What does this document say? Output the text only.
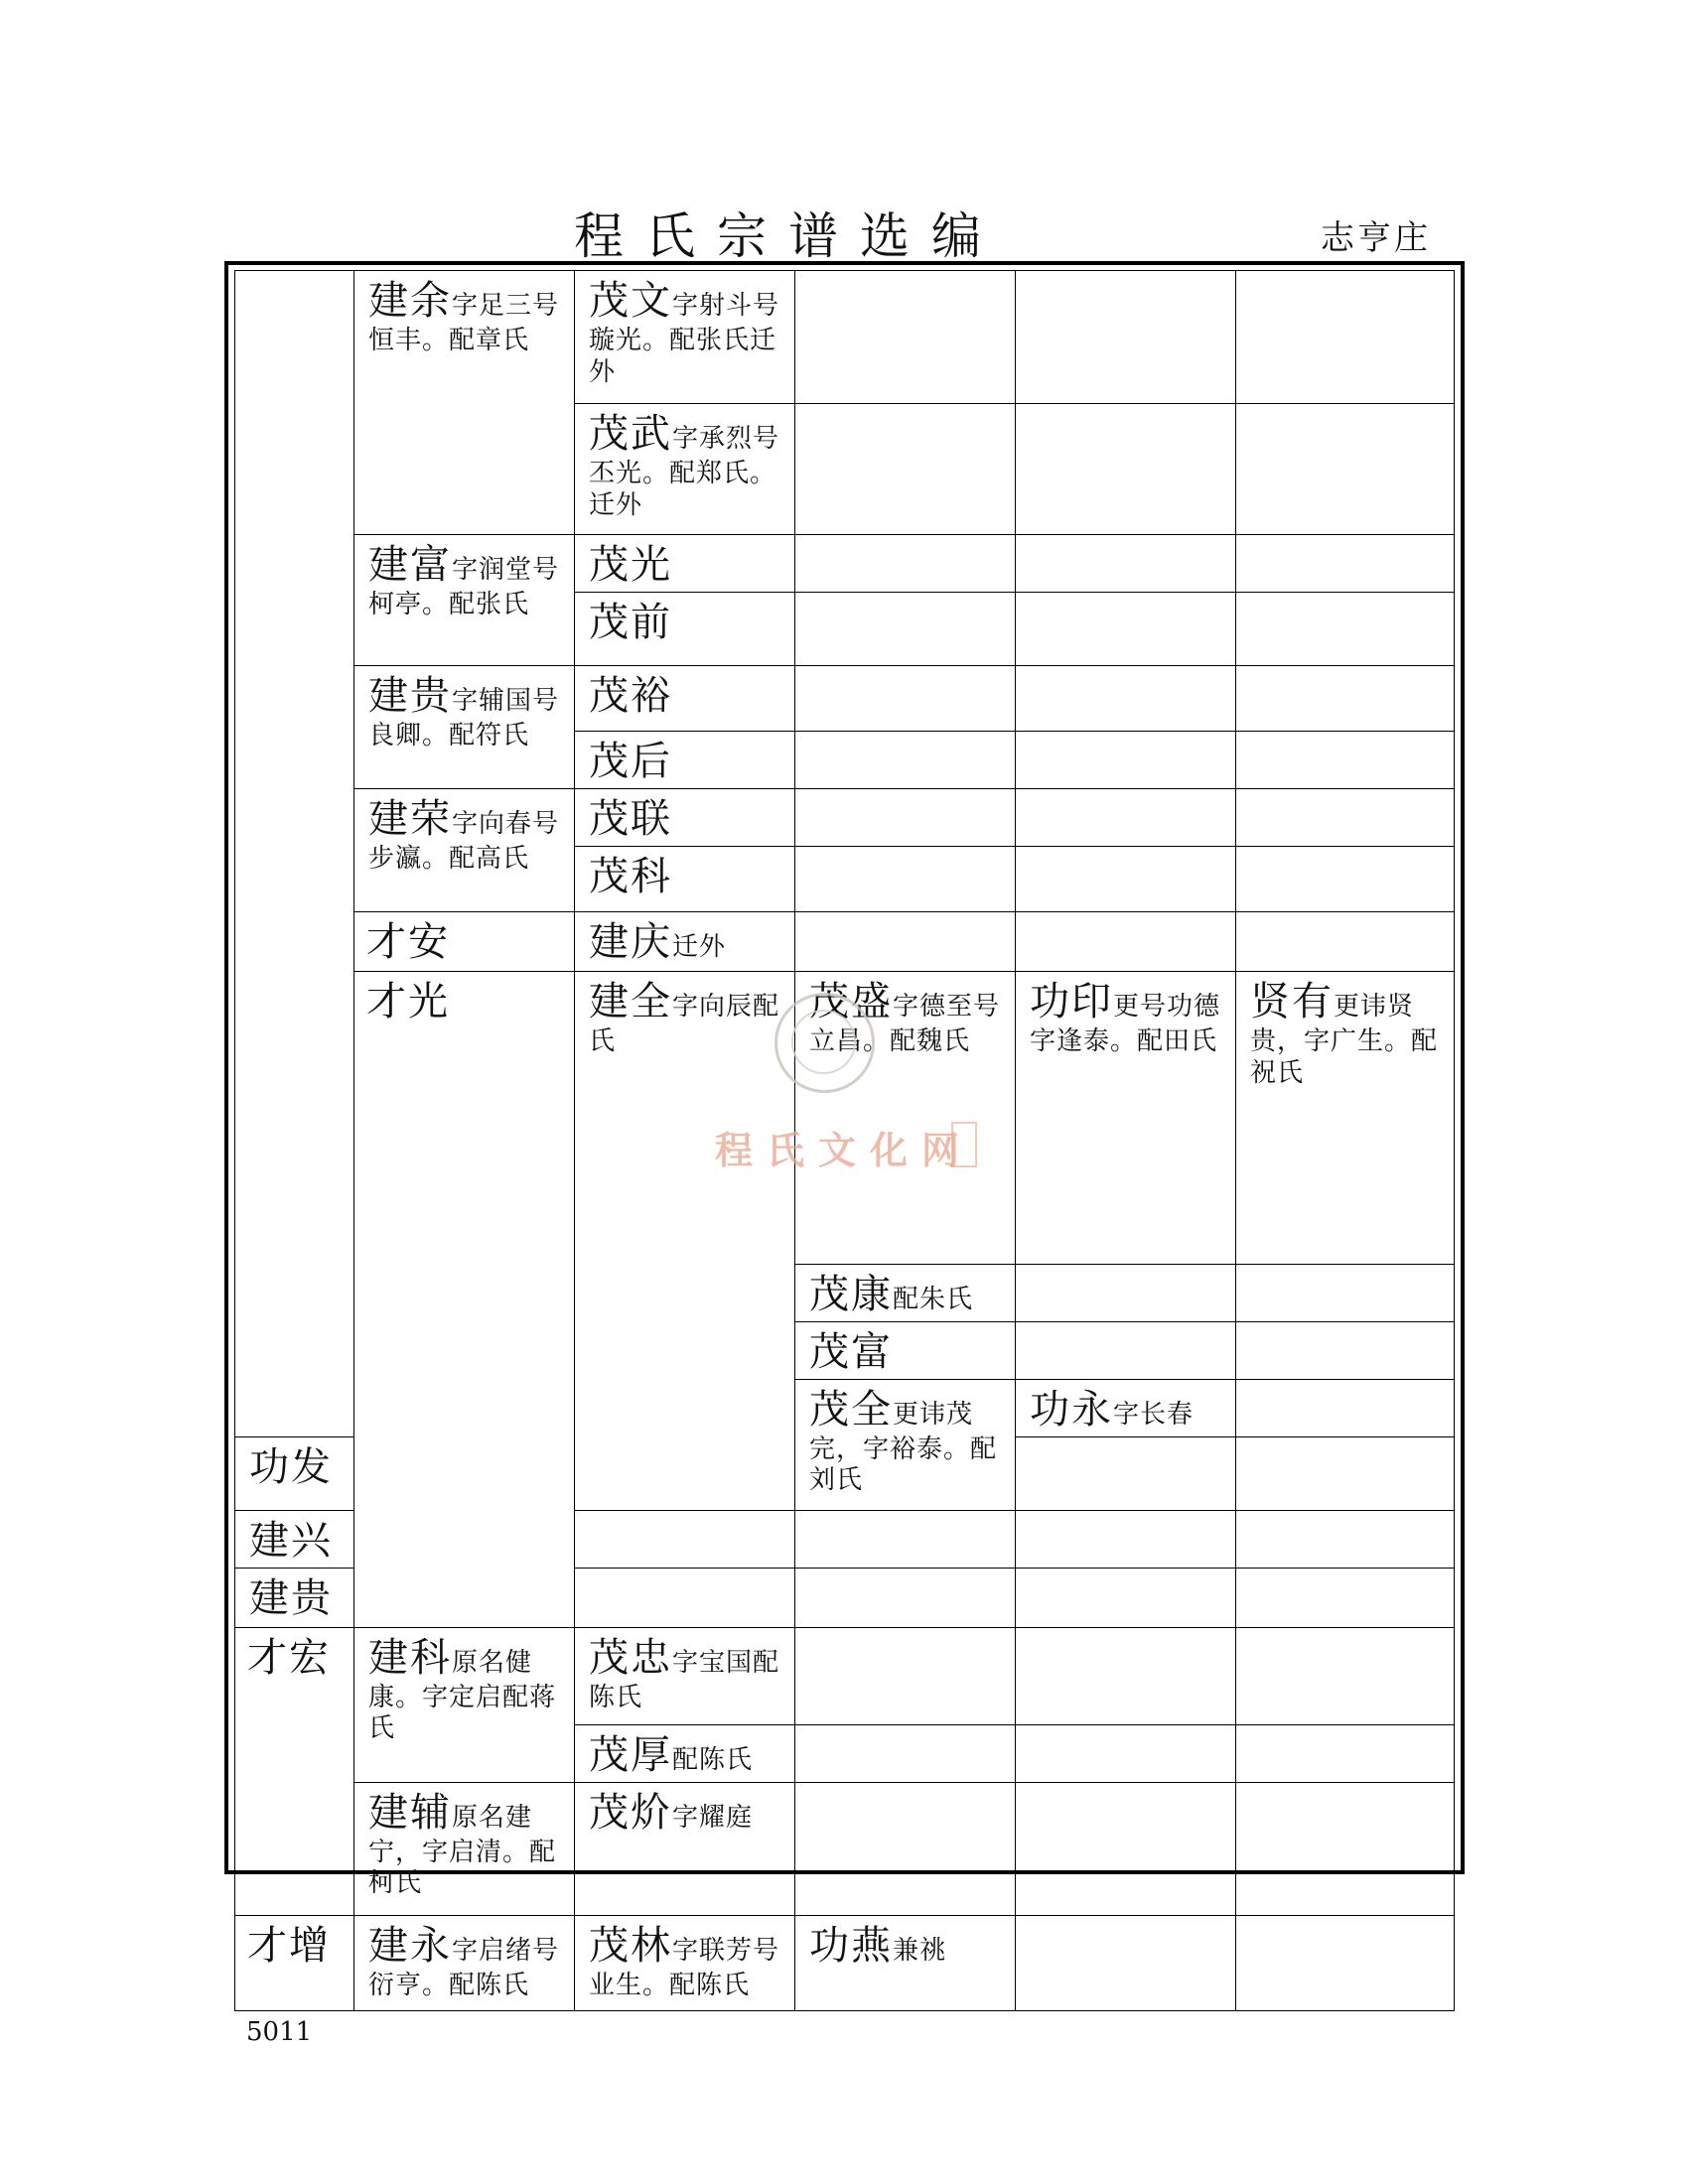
程氏宗谱选编	志亨庄
	建余字足三号恒丰。配章氏	茂文字射斗号璇光。配张氏迁外				
		茂武字承烈号丕光。配郑氏。迁外				
	建富字润堂号柯亭。配张氏	茂光				
		茂前				
	建贵字辅国号良卿。配符氏	茂裕				
		茂后				
	建荣字向春号步瀛。配高氏	茂联				
		茂科				
	才安	建庆迁外				
	才光	建全字向辰配　氏	茂盛字德至号立昌。配魏氏	功印更号功德字逢泰。配田氏	贤有更讳贤贵，字广生。配祝氏	
			茂康配朱氏			
			茂富			
			茂全更讳茂完，字裕泰。配刘氏	功永字长春		
功发						
建兴						
建贵						
才宏	建科原名健康。字定启配蒋氏	茂忠字宝国配陈氏				
		茂厚配陈氏				
	建辅原名建宁，字启清。配柯氏	茂炌字耀庭				
才增	建永字启绪号衍亨。配陈氏	茂林字联芳号业生。配陈氏	功燕兼祧			
程氏文化网
5011
